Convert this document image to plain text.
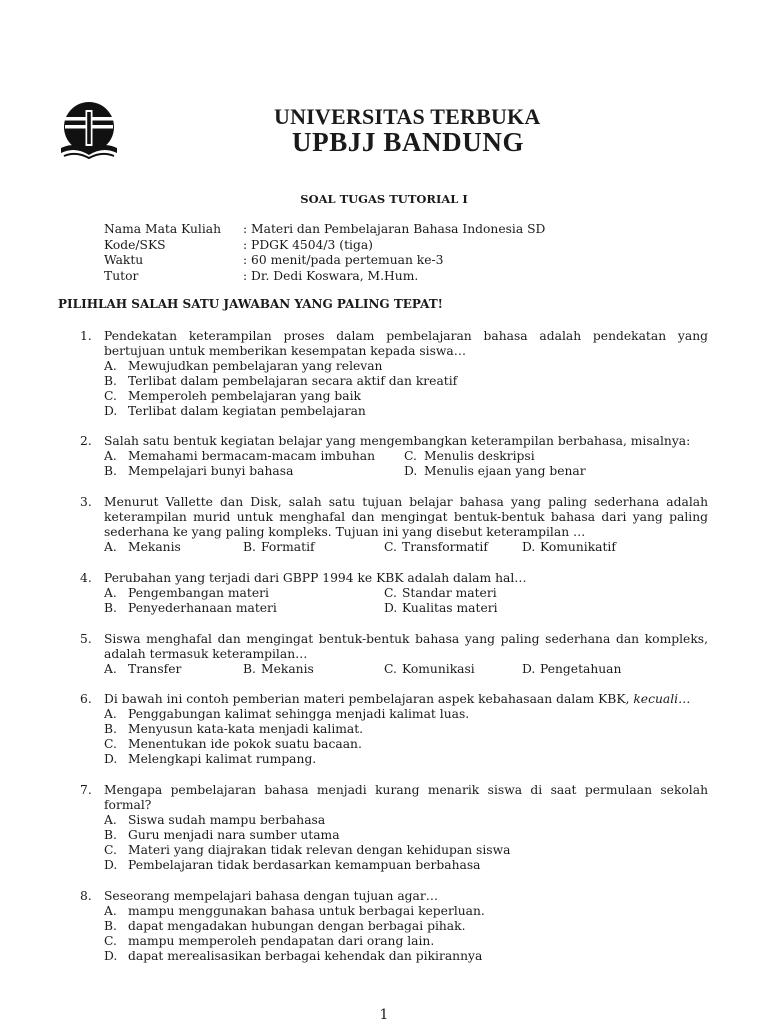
UNIVERSITAS TERBUKA
UPBJJ BANDUNG
SOAL TUGAS TUTORIAL I
Nama Mata Kuliah : Materi dan Pembelajaran Bahasa Indonesia SD
Kode/SKS	: PDGK 4504/3 (tiga)
Waktu	: 60 menit/pada pertemuan ke-3
Tutor	: Dr. Dedi Koswara, M.Hum.
PILIHLAH SALAH SATU JAWABAN YANG PALING TEPAT!
1. Pendekatan keterampilan proses dalam pembelajaran bahasa adalah pendekatan yang bertujuan untuk memberikan kesempatan kepada siswa…
A. Mewujudkan pembelajaran yang relevan
B. Terlibat dalam pembelajaran secara aktif dan kreatif
C. Memperoleh pembelajaran yang baik
D. Terlibat dalam kegiatan pembelajaran
2. Salah satu bentuk kegiatan belajar yang mengembangkan keterampilan berbahasa, misalnya:
A. Memahami bermacam-macam imbuhan C. Menulis deskripsi
B. Mempelajari bunyi bahasa	D. Menulis ejaan yang benar
3. Menurut Vallette dan Disk, salah satu tujuan belajar bahasa yang paling sederhana adalah keterampilan murid untuk menghafal dan mengingat bentuk-bentuk bahasa dari yang paling sederhana ke yang paling kompleks. Tujuan ini yang disebut keterampilan …
A. Mekanis	B. Formatif	C. Transformatif	D. Komunikatif
4. Perubahan yang terjadi dari GBPP 1994 ke KBK adalah dalam hal…
A. Pengembangan materi	C. Standar materi
B. Penyederhanaan materi	D. Kualitas materi
5. Siswa menghafal dan mengingat bentuk-bentuk bahasa yang paling sederhana dan kompleks, adalah termasuk keterampilan…
A. Transfer	B. Mekanis	C. Komunikasi	D. Pengetahuan
6. Di bawah ini contoh pemberian materi pembelajaran aspek kebahasaan dalam KBK, kecuali…
A. Penggabungan kalimat sehingga menjadi kalimat luas.
B. Menyusun kata-kata menjadi kalimat.
C. Menentukan ide pokok suatu bacaan.
D. Melengkapi kalimat rumpang.
7. Mengapa pembelajaran bahasa menjadi kurang menarik siswa di saat permulaan sekolah formal?
A. Siswa sudah mampu berbahasa
B. Guru menjadi nara sumber utama
C. Materi yang diajrakan tidak relevan dengan kehidupan siswa
D. Pembelajaran tidak berdasarkan kemampuan berbahasa
8. Seseorang mempelajari bahasa dengan tujuan agar…
A. mampu menggunakan bahasa untuk berbagai keperluan.
B. dapat mengadakan hubungan dengan berbagai pihak.
C. mampu memperoleh pendapatan dari orang lain.
D. dapat merealisasikan berbagai kehendak dan pikirannya
1
